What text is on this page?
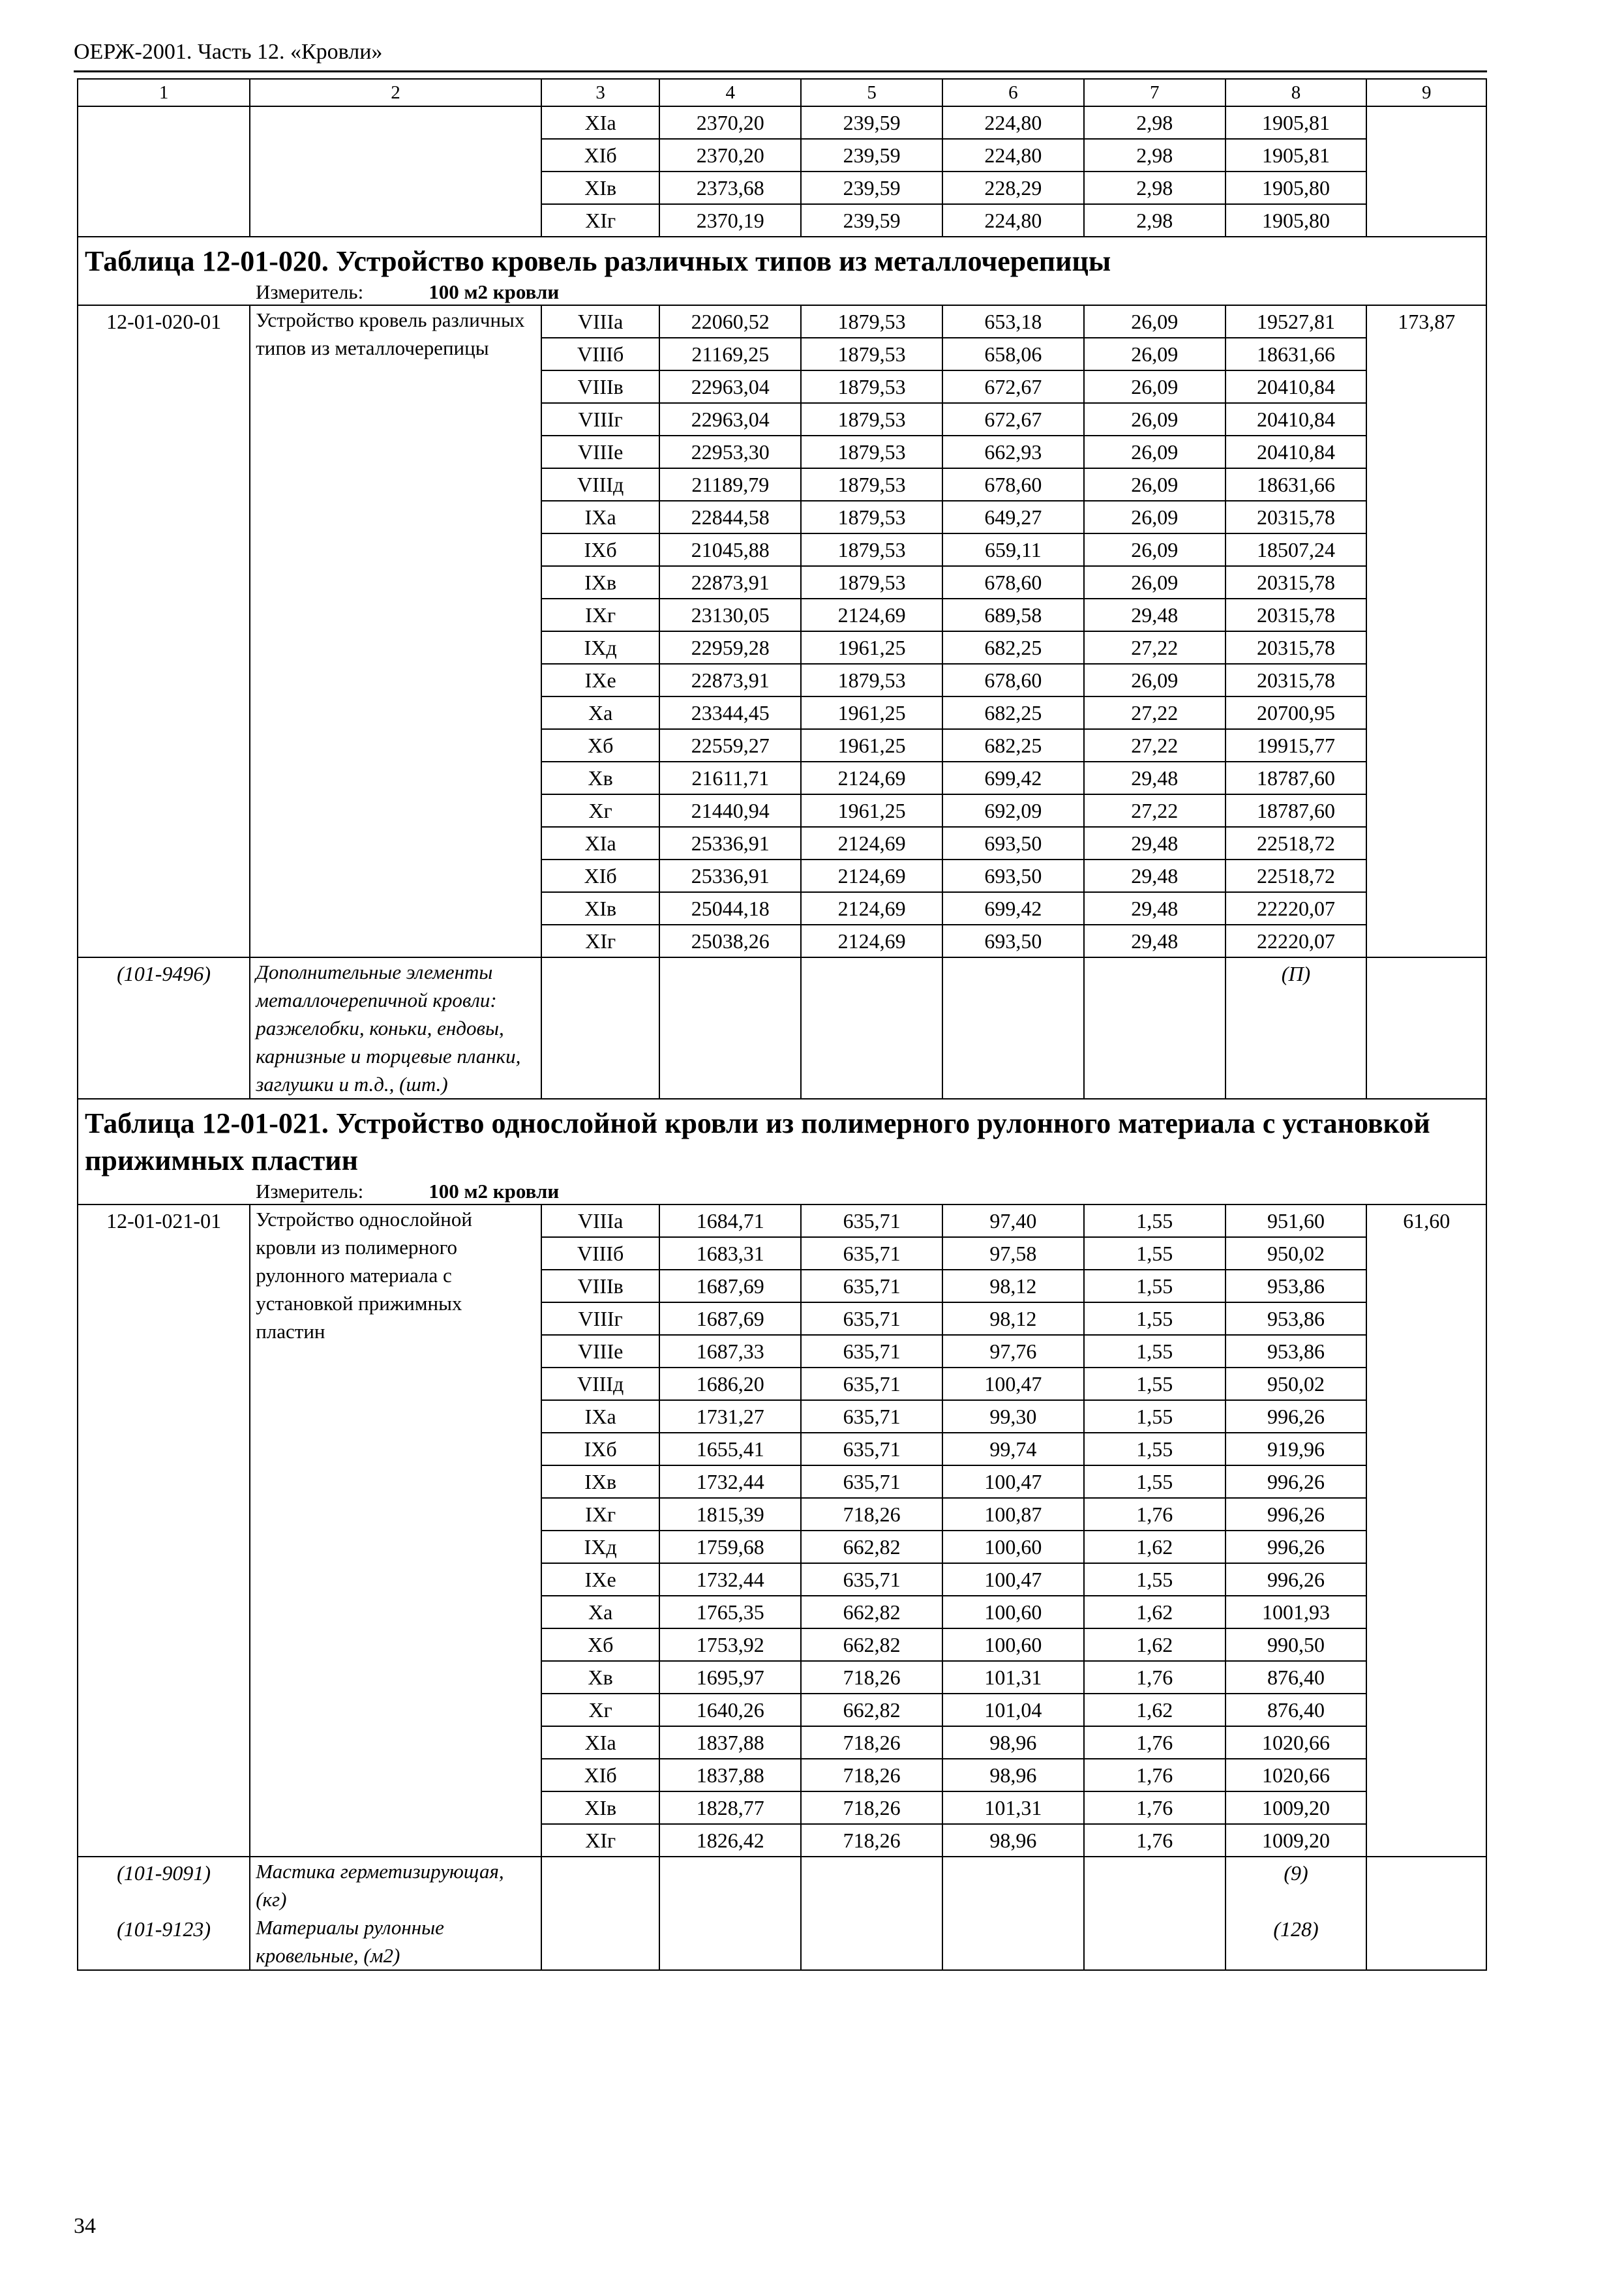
ОЕРЖ-2001. Часть 12. «Кровли»
1	2	3	4	5	6	7	8	9
		XIа	2370,20	239,59	224,80	2,98	1905,81	
		XIб	2370,20	239,59	224,80	2,98	1905,81	
		XIв	2373,68	239,59	228,29	2,98	1905,80	
		XIг	2370,19	239,59	224,80	2,98	1905,80	
Таблица 12-01-020. Устройство кровель различных типов из металлочерепицы								
Измеритель: 100 м2 кровли								
12-01-020-01	Устройство кровель различных типов из металлочерепицы	VIIIа	22060,52	1879,53	653,18	26,09	19527,81	173,87
		VIIIб	21169,25	1879,53	658,06	26,09	18631,66	
		VIIIв	22963,04	1879,53	672,67	26,09	20410,84	
		VIIIг	22963,04	1879,53	672,67	26,09	20410,84	
		VIIIе	22953,30	1879,53	662,93	26,09	20410,84	
		VIIIд	21189,79	1879,53	678,60	26,09	18631,66	
		IXа	22844,58	1879,53	649,27	26,09	20315,78	
		IXб	21045,88	1879,53	659,11	26,09	18507,24	
		IXв	22873,91	1879,53	678,60	26,09	20315,78	
		IXг	23130,05	2124,69	689,58	29,48	20315,78	
		IXд	22959,28	1961,25	682,25	27,22	20315,78	
		IXе	22873,91	1879,53	678,60	26,09	20315,78	
		Xа	23344,45	1961,25	682,25	27,22	20700,95	
		Xб	22559,27	1961,25	682,25	27,22	19915,77	
		Xв	21611,71	2124,69	699,42	29,48	18787,60	
		Xг	21440,94	1961,25	692,09	27,22	18787,60	
		XIа	25336,91	2124,69	693,50	29,48	22518,72	
		XIб	25336,91	2124,69	693,50	29,48	22518,72	
		XIв	25044,18	2124,69	699,42	29,48	22220,07	
		XIг	25038,26	2124,69	693,50	29,48	22220,07	
(101-9496)	Дополнительные элементы металлочерепичной кровли: разжелобки, коньки, ендовы, карнизные и торцевые планки, заглушки и т.д., (шт.)						(П)	
Таблица 12-01-021. Устройство однослойной кровли из полимерного рулонного материала с установкой прижимных пластин								
Измеритель: 100 м2 кровли								
12-01-021-01	Устройство однослойной кровли из полимерного рулонного материала с установкой прижимных пластин	VIIIа	1684,71	635,71	97,40	1,55	951,60	61,60
		VIIIб	1683,31	635,71	97,58	1,55	950,02	
		VIIIв	1687,69	635,71	98,12	1,55	953,86	
		VIIIг	1687,69	635,71	98,12	1,55	953,86	
		VIIIе	1687,33	635,71	97,76	1,55	953,86	
		VIIIд	1686,20	635,71	100,47	1,55	950,02	
		IXа	1731,27	635,71	99,30	1,55	996,26	
		IXб	1655,41	635,71	99,74	1,55	919,96	
		IXв	1732,44	635,71	100,47	1,55	996,26	
		IXг	1815,39	718,26	100,87	1,76	996,26	
		IXд	1759,68	662,82	100,60	1,62	996,26	
		IXе	1732,44	635,71	100,47	1,55	996,26	
		Xа	1765,35	662,82	100,60	1,62	1001,93	
		Xб	1753,92	662,82	100,60	1,62	990,50	
		Xв	1695,97	718,26	101,31	1,76	876,40	
		Xг	1640,26	662,82	101,04	1,62	876,40	
		XIа	1837,88	718,26	98,96	1,76	1020,66	
		XIб	1837,88	718,26	98,96	1,76	1020,66	
		XIв	1828,77	718,26	101,31	1,76	1009,20	
		XIг	1826,42	718,26	98,96	1,76	1009,20	
(101-9091)	Мастика герметизирующая, (кг)						(9)	
(101-9123)	Материалы рулонные кровельные, (м2)						(128)	
34
